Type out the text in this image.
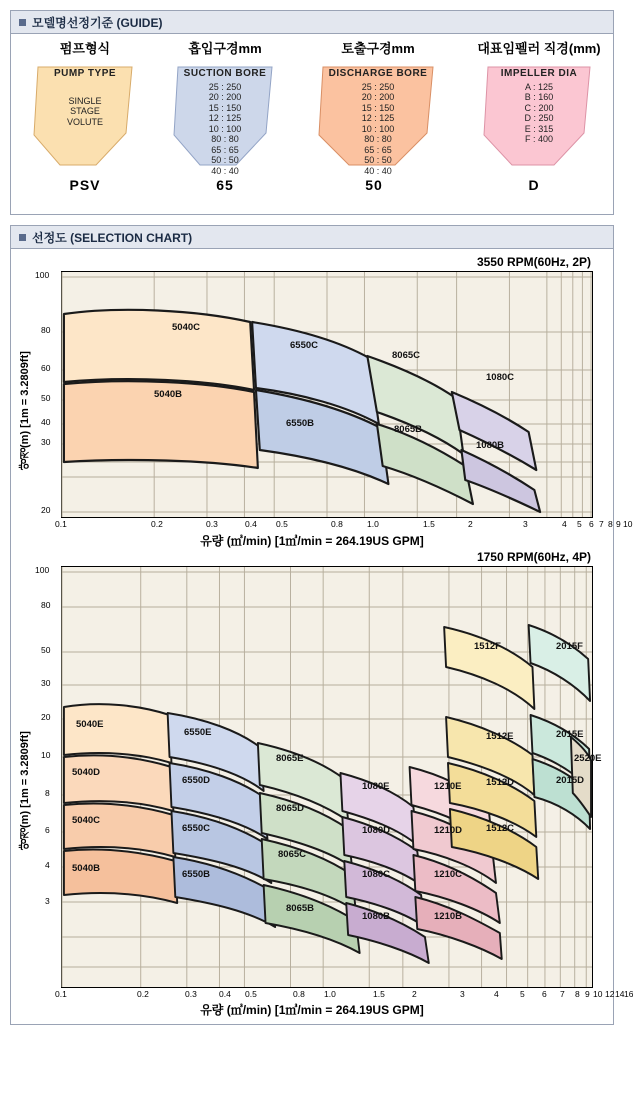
모델명선정기준 (GUIDE)
펌프형식
PUMP TYPE
SINGLE
STAGE
VOLUTE
PSV
흡입구경mm
SUCTION BORE
25 : 250
20 : 200
15 : 150
12 : 125
10 : 100
80 : 80
65 : 65
50 : 50
40 : 40
65
토출구경mm
DISCHARGE BORE
25 : 250
20 : 200
15 : 150
12 : 125
10 : 100
80 : 80
65 : 65
50 : 50
40 : 40
50
대표임펠러 직경(mm)
IMPELLER DIA
A : 125
B : 160
C : 200
D : 250
E : 315
F : 400
D
선정도 (SELECTION CHART)
3550 RPM(60Hz, 2P)
양정(m) [1m = 3.2809ft]
5040C
5040B
6550C
6550B
8065C
8065B
1080C
1080B
100
80
60
50
40
30
20
0.1	0.2	0.3	0.4 0.5	0.8	1.0	1.5	2	3	4 5 6 7 8 9 10
유량 (㎥/min) [1㎥/min = 264.19US GPM]
1750 RPM(60Hz, 4P)
양정(m) [1m = 3.2809ft]
5040E
5040D
5040C
5040B
6550E
6550D
6550C
6550B
8065E
8065D
8065C
8065B
1080E
1080D
1080C
1080B
1210E
1210D
1210C
1210B
1512F
1512E
1512D
1512C
2015F
2015E
2015D
2520E
100
80
50
30
20
10
8
6
4
3
0.1	0.2	0.3	0.4 0.5	0.8 1.0	1.5	2	3	4	5 6 7 8 9 10 12 14 16
유량 (㎥/min) [1㎥/min = 264.19US GPM]
